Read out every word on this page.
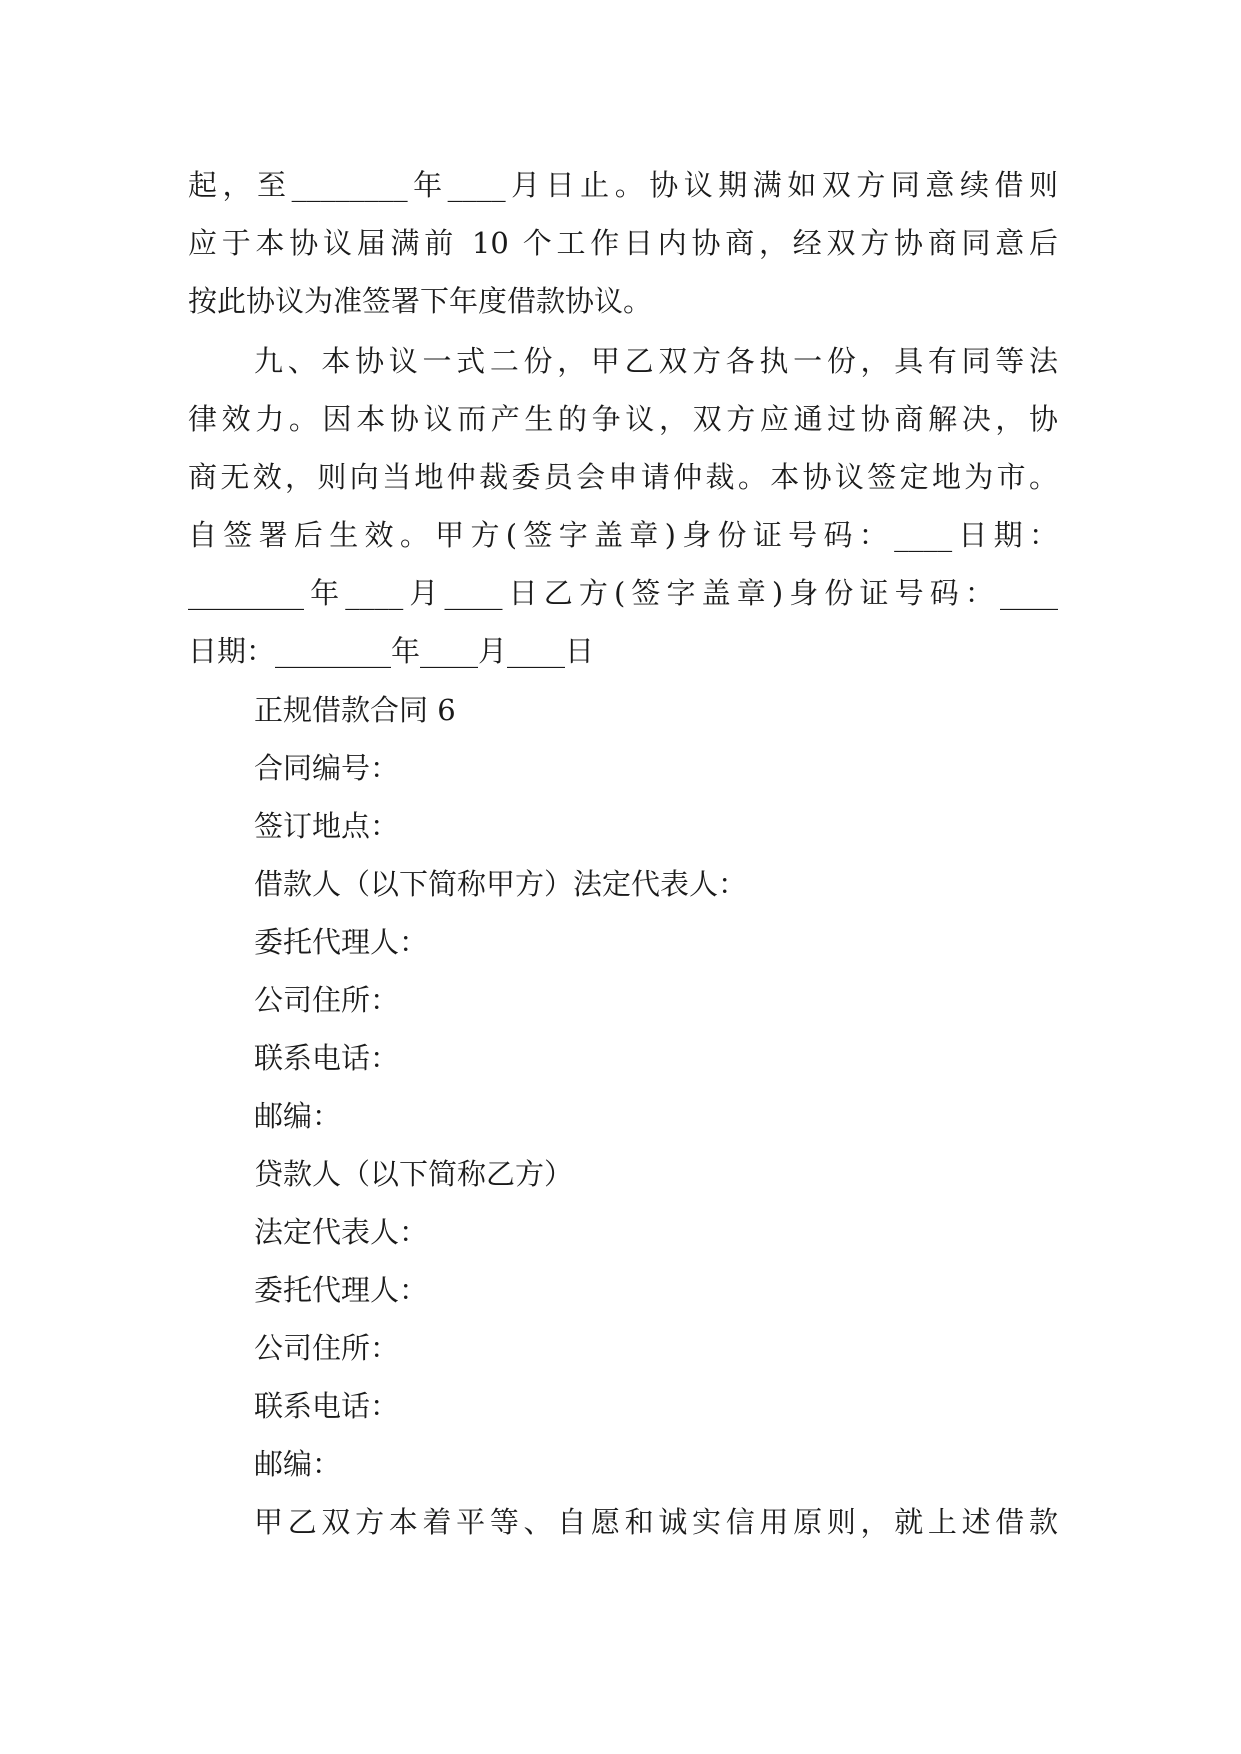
起，至________年____月日止。协议期满如双方同意续借则
应于本协议届满前 10 个工作日内协商，经双方协商同意后
按此协议为准签署下年度借款协议。
九、本协议一式二份，甲乙双方各执一份，具有同等法
律效力。因本协议而产生的争议，双方应通过协商解决，协
商无效，则向当地仲裁委员会申请仲裁。本协议签定地为市。
自签署后生效。甲方(签字盖章)身份证号码：____日期：
________年____月____日乙方(签字盖章)身份证号码：____
日期：________年____月____日
正规借款合同 6
合同编号：
签订地点：
借款人（以下简称甲方）法定代表人：
委托代理人：
公司住所：
联系电话：
邮编：
贷款人（以下简称乙方）
法定代表人：
委托代理人：
公司住所：
联系电话：
邮编：
甲乙双方本着平等、自愿和诚实信用原则，就上述借款
